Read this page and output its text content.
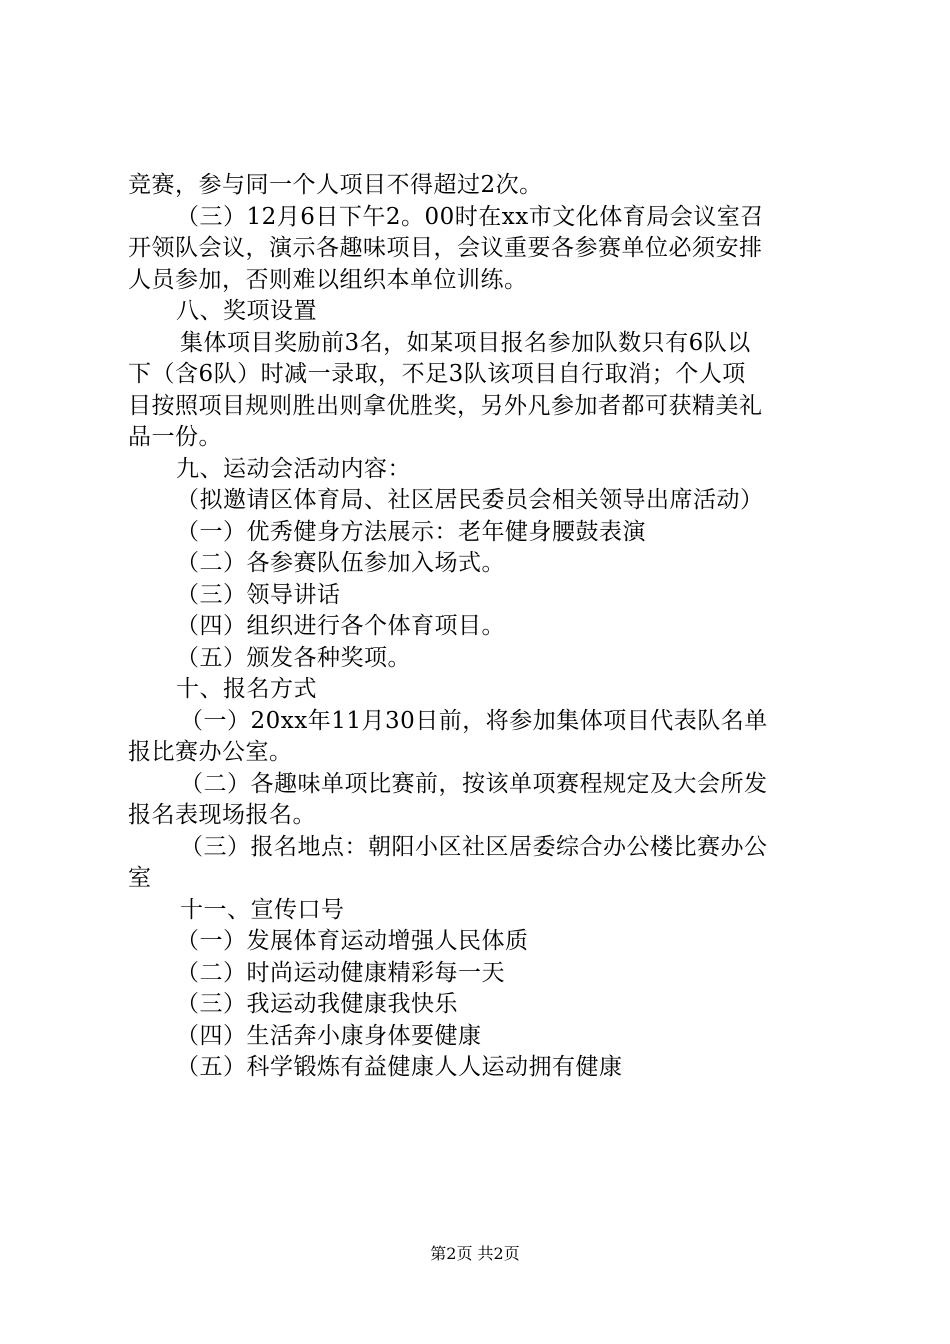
竞赛，参与同一个人项目不得超过2次。

（三）12月6日下午2。00时在xx市文化体育局会议室召

开领队会议，演示各趣味项目，会议重要各参赛单位必须安排

人员参加，否则难以组织本单位训练。

八、奖项设置

集体项目奖励前3名，如某项目报名参加队数只有6队以

下（含6队）时减一录取，不足3队该项目自行取消；个人项

目按照项目规则胜出则拿优胜奖，另外凡参加者都可获精美礼

品一份。

九、运动会活动内容：

（拟邀请区体育局、社区居民委员会相关领导出席活动）

（一）优秀健身方法展示：老年健身腰鼓表演

（二）各参赛队伍参加入场式。

（三）领导讲话

（四）组织进行各个体育项目。

（五）颁发各种奖项。

十、报名方式

（一）20xx年11月30日前，将参加集体项目代表队名单

报比赛办公室。

（二）各趣味单项比赛前，按该单项赛程规定及大会所发

报名表现场报名。

（三）报名地点：朝阳小区社区居委综合办公楼比赛办公

室

十一、宣传口号

（一）发展体育运动增强人民体质

（二）时尚运动健康精彩每一天

（三）我运动我健康我快乐

（四）生活奔小康身体要健康

（五）科学锻炼有益健康人人运动拥有健康

第2页 共2页
